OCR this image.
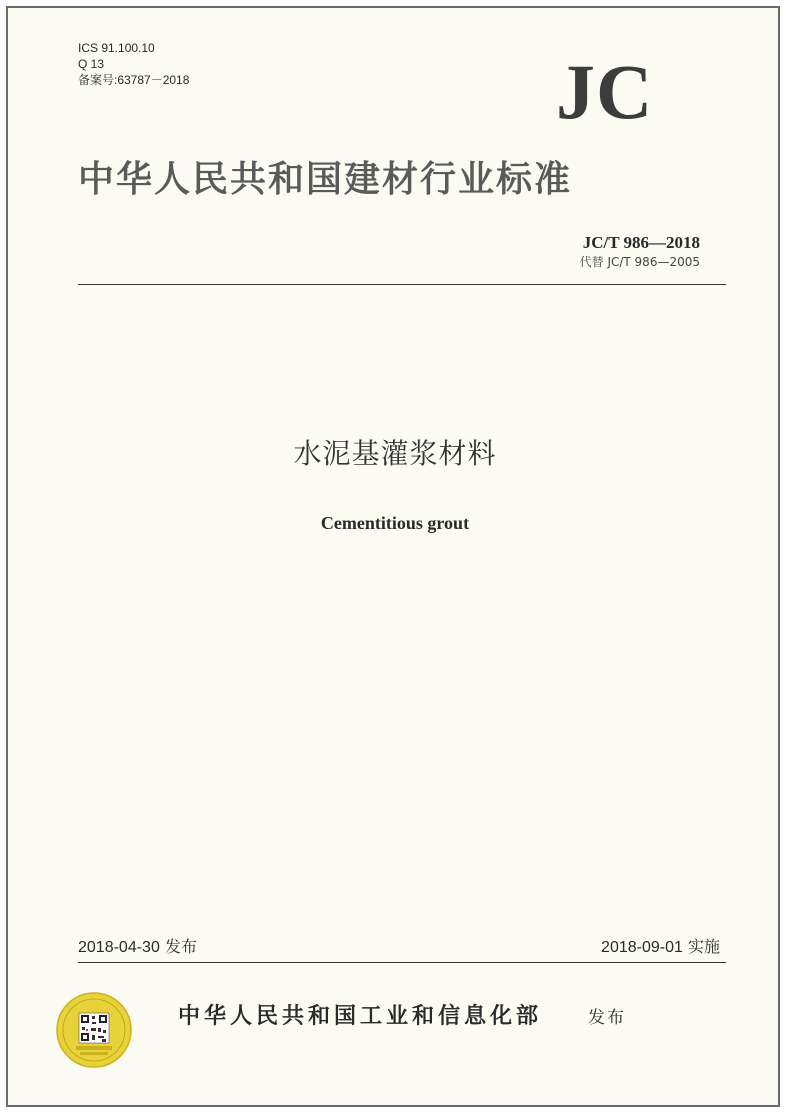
ICS 91.100.10
Q 13
备案号:63787－2018	JC
中华人民共和国建材行业标准
JC/T 986—2018
代替 JC/T 986—2005
水泥基灌浆材料
Cementitious grout
2018-04-30 发布	2018-09-01 实施
中华人民共和国工业和信息化部	发布
